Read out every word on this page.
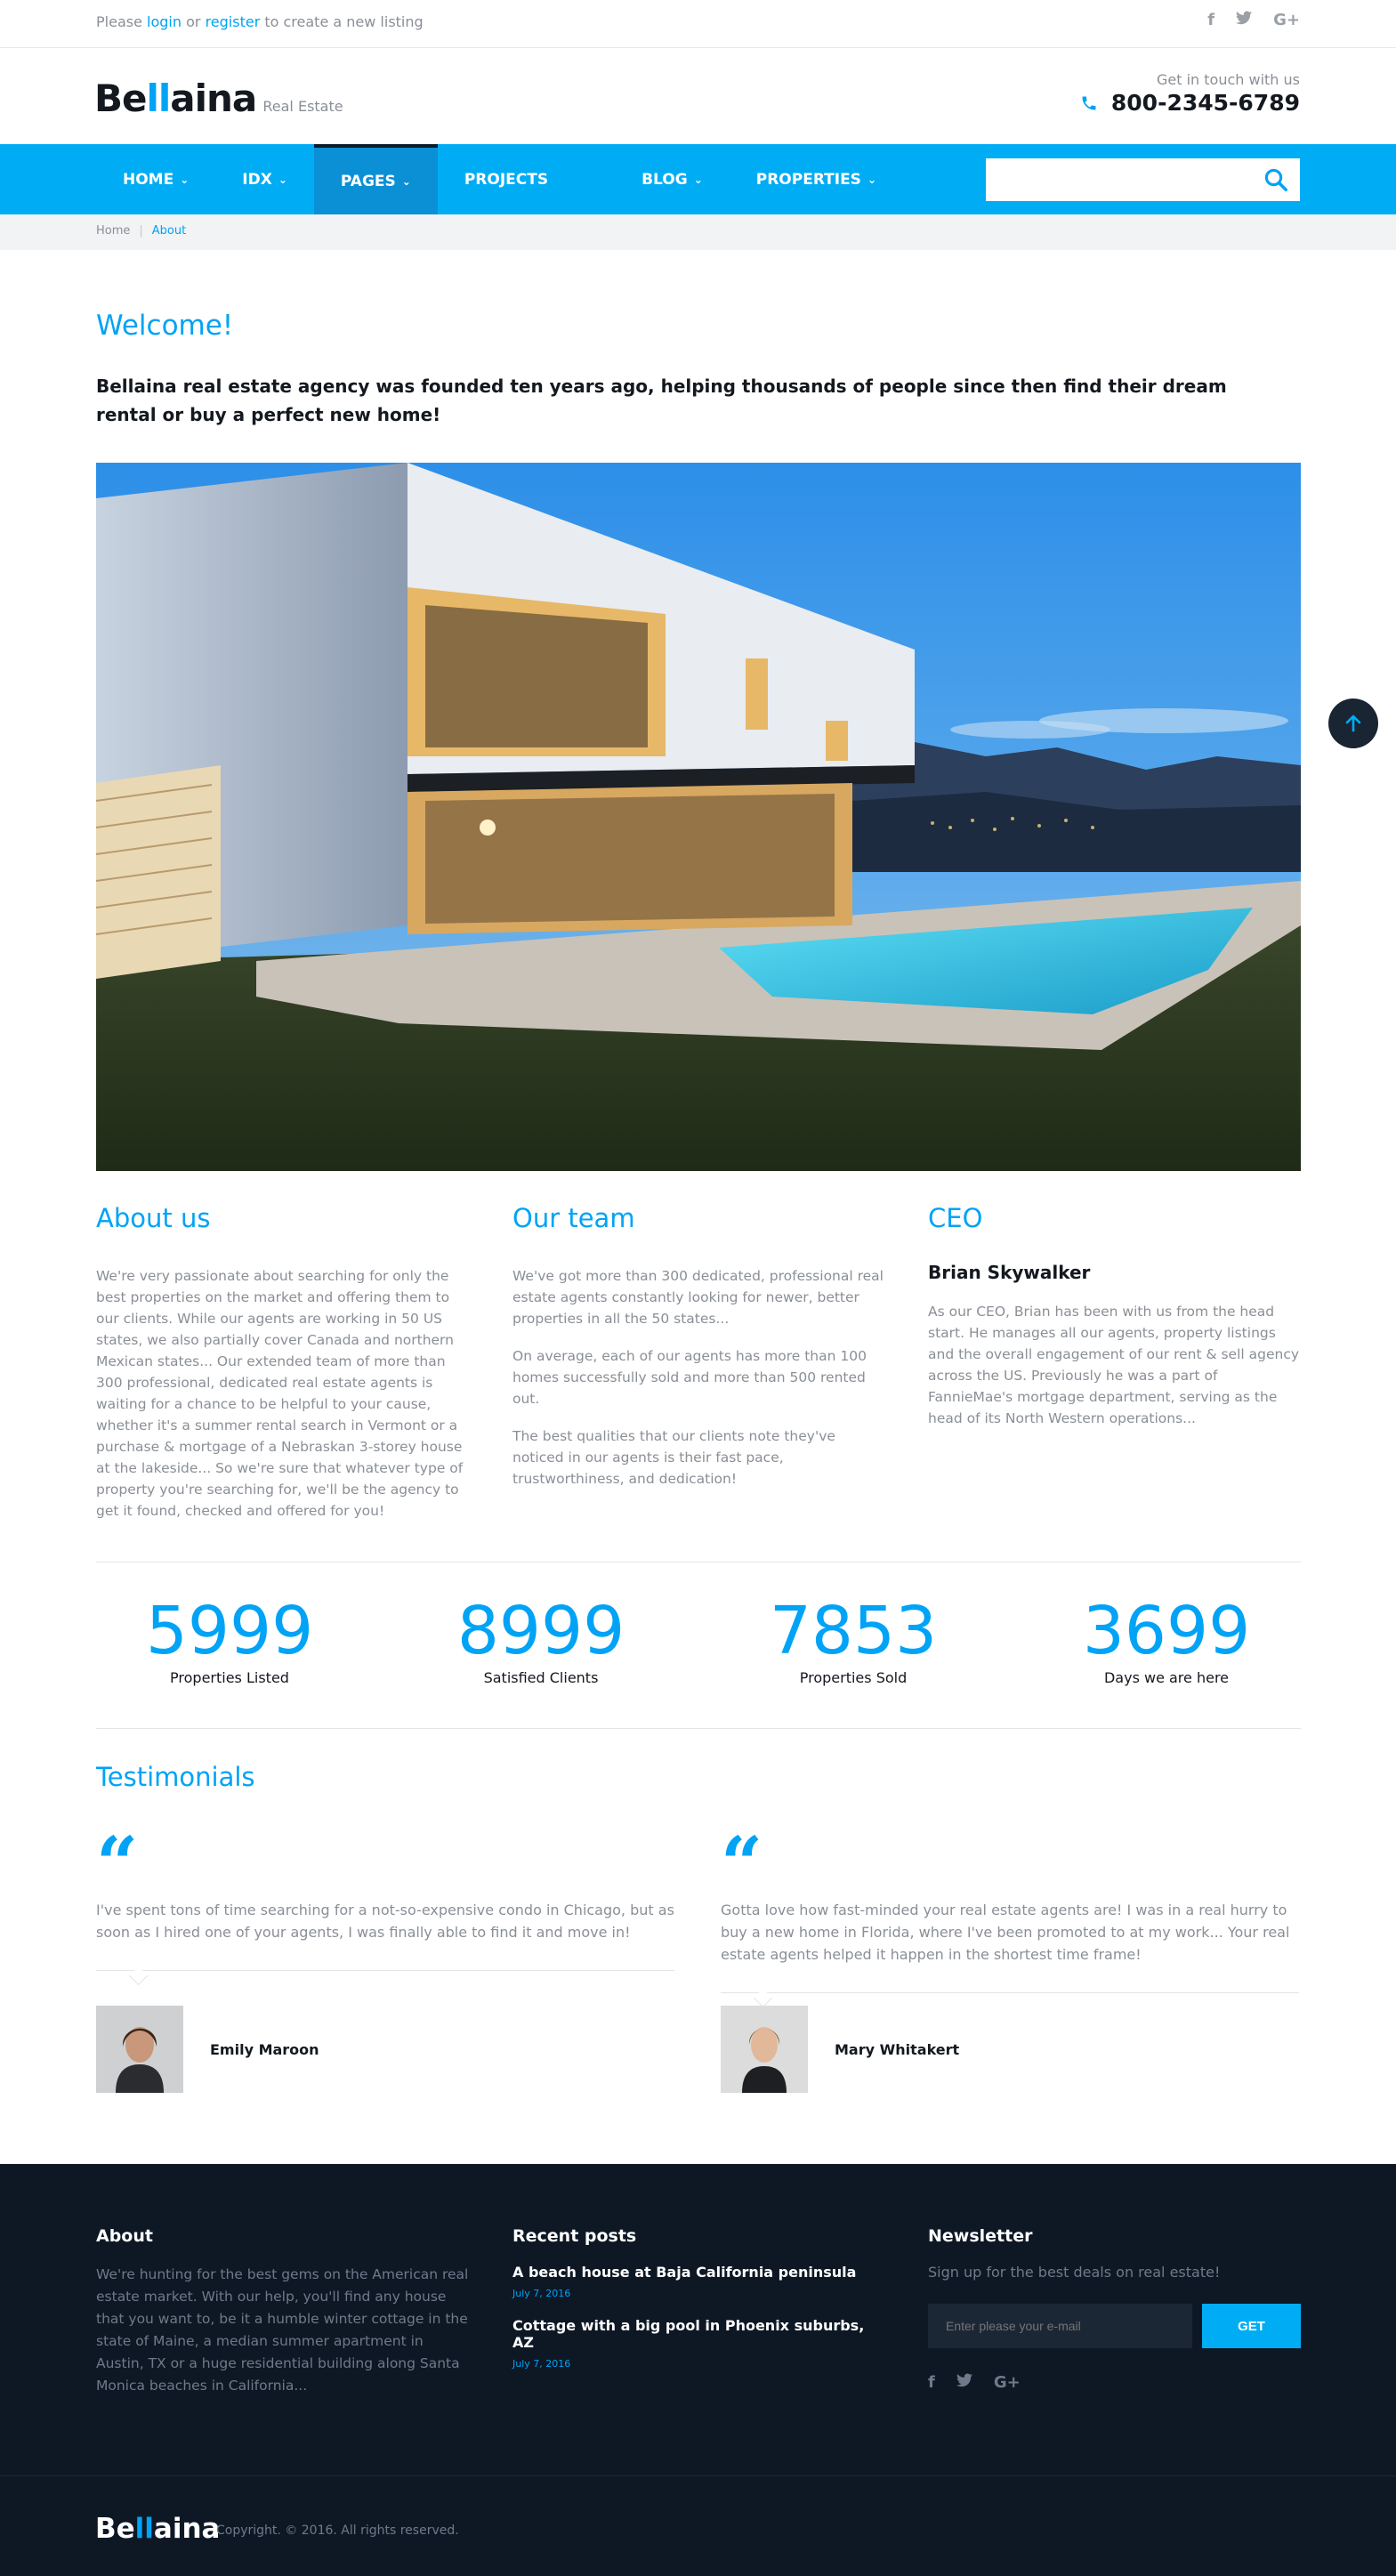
Please login or register to create a new listing	f	G+
Bellaina Real Estate
Get in touch with us
800-2345-6789
HOME ⌄	IDX ⌄	PAGES ⌄	PROJECTS	BLOG ⌄	PROPERTIES ⌄
Home | About
Welcome!

Bellaina real estate agency was founded ten years ago, helping thousands of people since then find their dream rental or buy a perfect new home!

About us

We're very passionate about searching for only the best properties on the market and offering them to our clients. While our agents are working in 50 US states, we also partially cover Canada and northern Mexican states... Our extended team of more than 300 professional, dedicated real estate agents is waiting for a chance to be helpful to your cause, whether it's a summer rental search in Vermont or a purchase & mortgage of a Nebraskan 3-storey house at the lakeside... So we're sure that whatever type of property you're searching for, we'll be the agency to get it found, checked and offered for you!

Our team

We've got more than 300 dedicated, professional real estate agents constantly looking for newer, better properties in all the 50 states...

On average, each of our agents has more than 100 homes successfully sold and more than 500 rented out.

The best qualities that our clients note they've noticed in our agents is their fast pace, trustworthiness, and dedication!

CEO
Brian Skywalker

As our CEO, Brian has been with us from the head start. He manages all our agents, property listings and the overall engagement of our rent & sell agency across the US. Previously he was a part of FannieMae's mortgage department, serving as the head of its North Western operations...

5999
Properties Listed
8999
Satisfied Clients
7853
Properties Sold
3699
Days we are here
Testimonials
“

I've spent tons of time searching for a not-so-expensive condo in Chicago, but as soon as I hired one of your agents, I was finally able to find it and move in!

“

Gotta love how fast-minded your real estate agents are! I was in a real hurry to buy a new home in Florida, where I've been promoted to at my work... Your real estate agents helped it happen in the shortest time frame!

Emily Maroon	Mary Whitakert
About

We're hunting for the best gems on the American real estate market. With our help, you'll find any house that you want to, be it a humble winter cottage in the state of Maine, a median summer apartment in Austin, TX or a huge residential building along Santa Monica beaches in California...

Recent posts
A beach house at Baja California peninsula
July 7, 2016
Cottage with a big pool in Phoenix suburbs, AZ
July 7, 2016
Newsletter
Sign up for the best deals on real estate!
Enter please your e-mail
GET
f	G+
Bellaina
Copyright. © 2016. All rights reserved.
